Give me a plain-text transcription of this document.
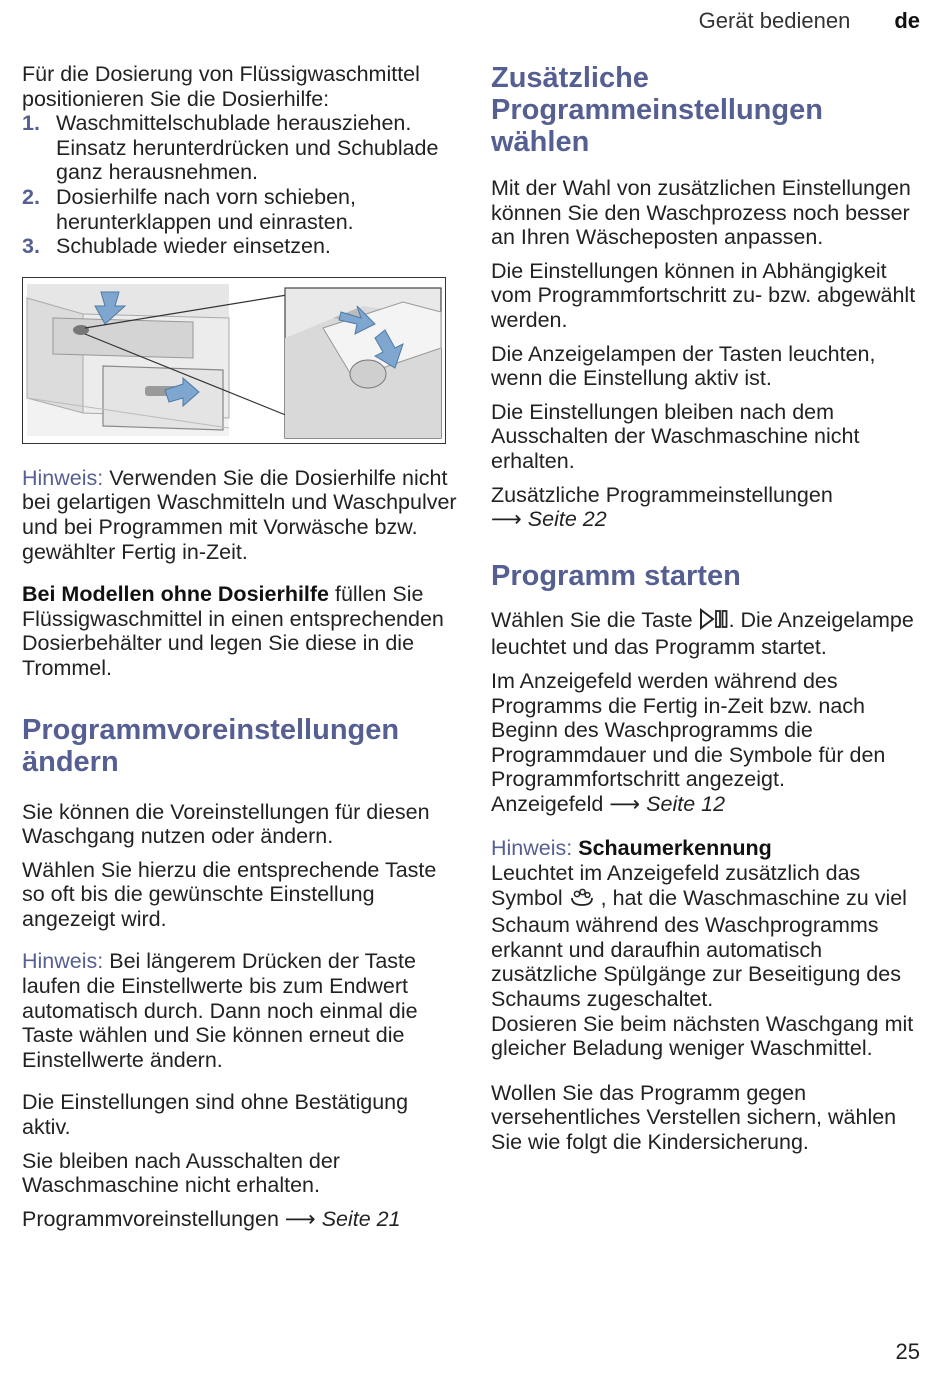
Gerät bedienen de

Für die Dosierung von Flüssigwaschmittel positionieren Sie die Dosierhilfe:

1. Waschmittelschublade herausziehen. Einsatz herunterdrücken und Schublade ganz herausnehmen.
2. Dosierhilfe nach vorn schieben, herunterklappen und einrasten.
3. Schublade wieder einsetzen.

Hinweis: Verwenden Sie die Dosierhilfe nicht bei gelartigen Waschmitteln und Waschpulver und bei Programmen mit Vorwäsche bzw. gewählter Fertig in-Zeit.

Bei Modellen ohne Dosierhilfe füllen Sie Flüssigwaschmittel in einen entsprechenden Dosierbehälter und legen Sie diese in die Trommel.

Programmvoreinstellungen ändern

Sie können die Voreinstellungen für diesen Waschgang nutzen oder ändern.

Wählen Sie hierzu die entsprechende Taste so oft bis die gewünschte Einstellung angezeigt wird.

Hinweis: Bei längerem Drücken der Taste laufen die Einstellwerte bis zum Endwert automatisch durch. Dann noch einmal die Taste wählen und Sie können erneut die Einstellwerte ändern.

Die Einstellungen sind ohne Bestätigung aktiv.

Sie bleiben nach Ausschalten der Waschmaschine nicht erhalten.

Programmvoreinstellungen ⟶ Seite 21

Zusätzliche Programmeinstellungen wählen

Mit der Wahl von zusätzlichen Einstellungen können Sie den Waschprozess noch besser an Ihren Wäscheposten anpassen.

Die Einstellungen können in Abhängigkeit vom Programmfortschritt zu- bzw. abgewählt werden.

Die Anzeigelampen der Tasten leuchten, wenn die Einstellung aktiv ist.

Die Einstellungen bleiben nach dem Ausschalten der Waschmaschine nicht erhalten.

Zusätzliche Programmeinstellungen
⟶ Seite 22

Programm starten

Wählen Sie die Taste . Die Anzeigelampe leuchtet und das Programm startet.

Im Anzeigefeld werden während des Programms die Fertig in-Zeit bzw. nach Beginn des Waschprogramms die Programmdauer und die Symbole für den Programmfortschritt angezeigt.

Anzeigefeld ⟶ Seite 12

Hinweis: Schaumerkennung

Leuchtet im Anzeigefeld zusätzlich das Symbol  , hat die Waschmaschine zu viel Schaum während des Waschprogramms erkannt und daraufhin automatisch zusätzliche Spülgänge zur Beseitigung des Schaums zugeschaltet.

Dosieren Sie beim nächsten Waschgang mit gleicher Beladung weniger Waschmittel.

Wollen Sie das Programm gegen versehentliches Verstellen sichern, wählen Sie wie folgt die Kindersicherung.

25
